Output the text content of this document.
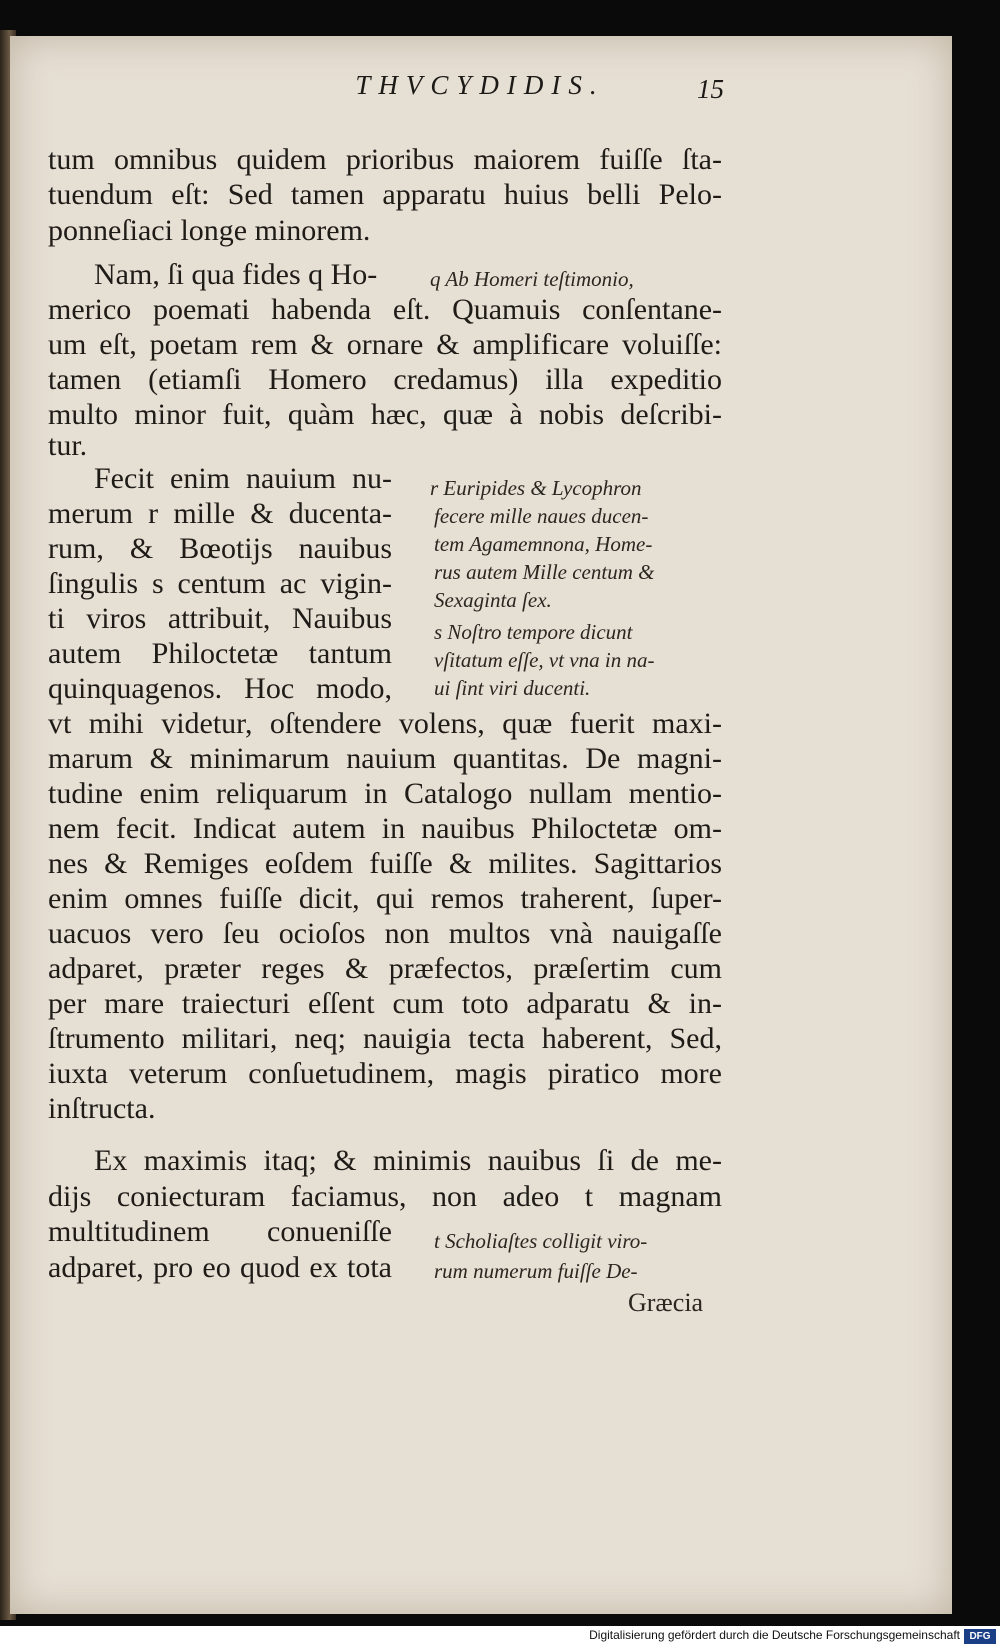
THVCYDIDIS.	15
tum omnibus quidem prioribus maiorem fuiſſe ſta-
tuendum eſt: Sed tamen apparatu huius belli Pelo-
ponneſiaci longe minorem.
Nam, ſi qua fides q Ho-
merico poemati habenda eſt. Quamuis conſentane-
um eſt, poetam rem & ornare & amplificare voluiſſe:
tamen (etiamſi Homero credamus) illa expeditio
multo minor fuit, quàm hæc, quæ à nobis deſcribi-
tur.
Fecit enim nauium nu-
merum r mille & ducenta-
rum, & Bœotijs nauibus
ſingulis s centum ac vigin-
ti viros attribuit, Nauibus
autem Philoctetæ tantum
quinquagenos. Hoc modo,
vt mihi videtur, oſtendere volens, quæ fuerit maxi-
marum & minimarum nauium quantitas. De magni-
tudine enim reliquarum in Catalogo nullam mentio-
nem fecit. Indicat autem in nauibus Philoctetæ om-
nes & Remiges eoſdem fuiſſe & milites. Sagittarios
enim omnes fuiſſe dicit, qui remos traherent, ſuper-
uacuos vero ſeu ocioſos non multos vnà nauigaſſe
adparet, præter reges & præfectos, præſertim cum
per mare traiecturi eſſent cum toto adparatu & in-
ſtrumento militari, neq; nauigia tecta haberent, Sed,
iuxta veterum conſuetudinem, magis piratico more
inſtructa.
Ex maximis itaq; & minimis nauibus ſi de me-
dijs coniecturam faciamus, non adeo t magnam
multitudinem conueniſſe
adparet, pro eo quod ex tota
q Ab Homeri teſtimonio,
r Euripides & Lycophron
fecere mille naues ducen-
tem Agamemnona, Home-
rus autem Mille centum &
Sexaginta ſex.
s Noſtro tempore dicunt
vſitatum eſſe, vt vna in na-
ui ſint viri ducenti.
t Scholiaſtes colligit viro-
rum numerum fuiſſe De-
Græcia
Digitalisierung gefördert durch die Deutsche Forschungsgemeinschaft DFG
